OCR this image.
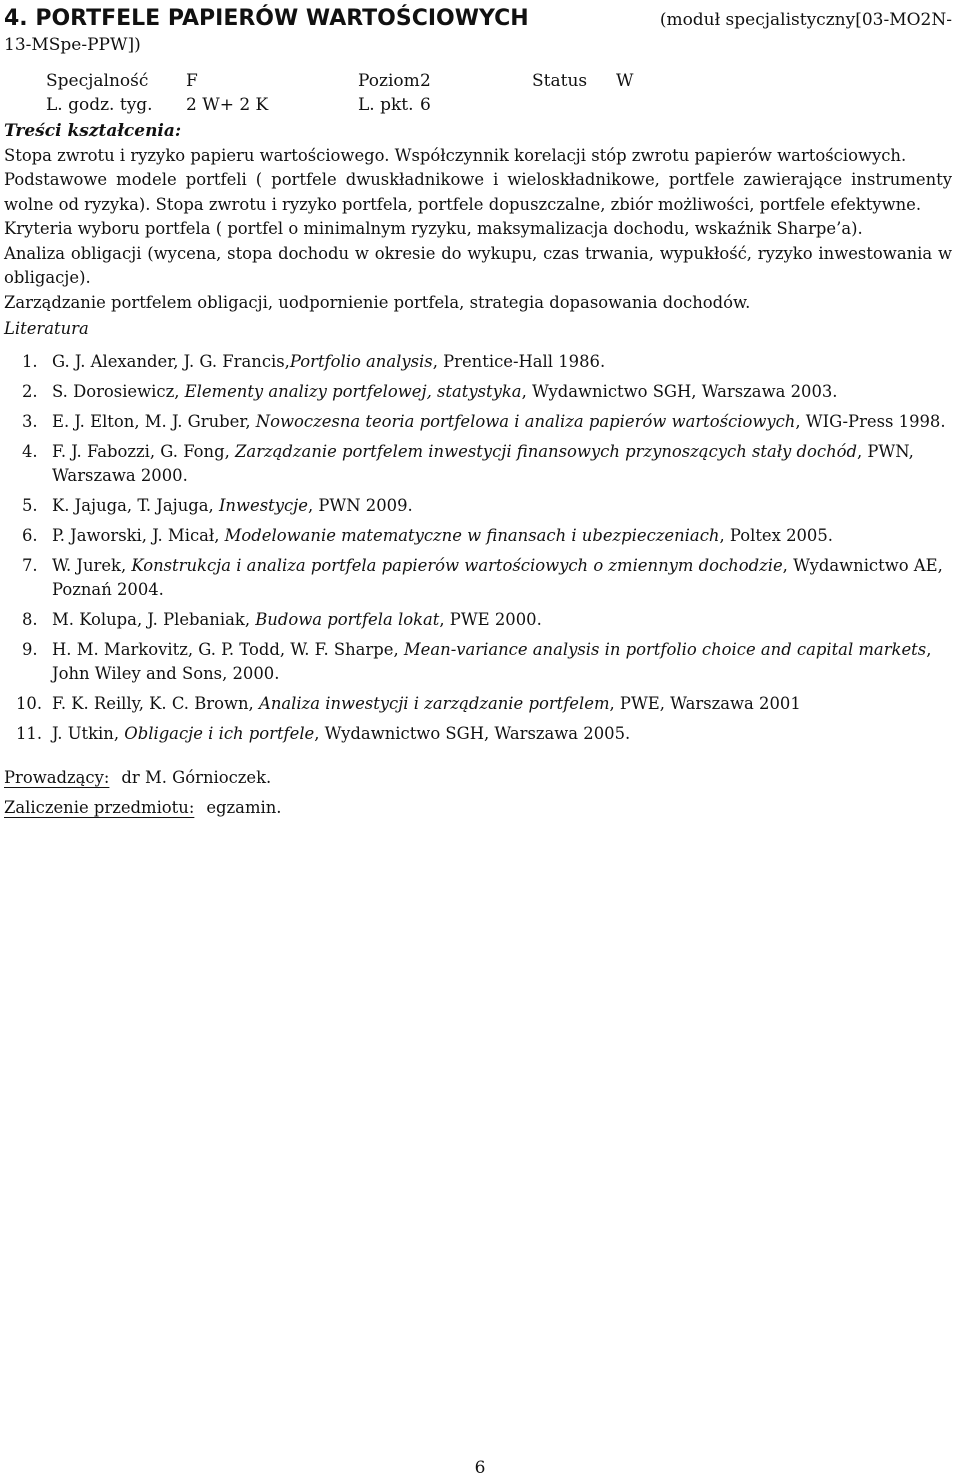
4. PORTFELE PAPIERÓW WARTOŚCIOWYCH	(moduł specjalistyczny[03-MO2N-
13-MSpe-PPW])
Specjalność	F	Poziom	2	Status	W
L. godz. tyg.	2 W+ 2 K	L. pkt.	6		
Treści kształcenia:

Stopa zwrotu i ryzyko papieru wartościowego. Współczynnik korelacji stóp zwrotu papierów wartościowych.

Podstawowe modele portfeli ( portfele dwuskładnikowe i wieloskładnikowe, portfele zawierające instrumenty wolne od ryzyka). Stopa zwrotu i ryzyko portfela, portfele dopuszczalne, zbiór możliwości, portfele efektywne.

Kryteria wyboru portfela ( portfel o minimalnym ryzyku, maksymalizacja dochodu, wskaźnik Sharpe’a).

Analiza obligacji (wycena, stopa dochodu w okresie do wykupu, czas trwania, wypukłość, ryzyko inwestowania w obligacje).

Zarządzanie portfelem obligacji, uodpornienie portfela, strategia dopasowania dochodów.

Literatura
1. G. J. Alexander, J. G. Francis,Portfolio analysis, Prentice-Hall 1986.
2. S. Dorosiewicz, Elementy analizy portfelowej, statystyka, Wydawnictwo SGH, Warszawa 2003.
3. E. J. Elton, M. J. Gruber, Nowoczesna teoria portfelowa i analiza papierów wartościowych, WIG-Press 1998.
4. F. J. Fabozzi, G. Fong, Zarządzanie portfelem inwestycji finansowych przynoszących stały dochód, PWN, Warszawa 2000.
5. K. Jajuga, T. Jajuga, Inwestycje, PWN 2009.
6. P. Jaworski, J. Micał, Modelowanie matematyczne w finansach i ubezpieczeniach, Poltex 2005.
7. W. Jurek, Konstrukcja i analiza portfela papierów wartościowych o zmiennym dochodzie, Wydawnictwo AE, Poznań 2004.
8. M. Kolupa, J. Plebaniak, Budowa portfela lokat, PWE 2000.
9. H. M. Markovitz, G. P. Todd, W. F. Sharpe, Mean-variance analysis in portfolio choice and capital markets, John Wiley and Sons, 2000.
10. F. K. Reilly, K. C. Brown, Analiza inwestycji i zarządzanie portfelem, PWE, Warszawa 2001
11. J. Utkin, Obligacje i ich portfele, Wydawnictwo SGH, Warszawa 2005.
Prowadzący: dr M. Górnioczek.
Zaliczenie przedmiotu: egzamin.
6
